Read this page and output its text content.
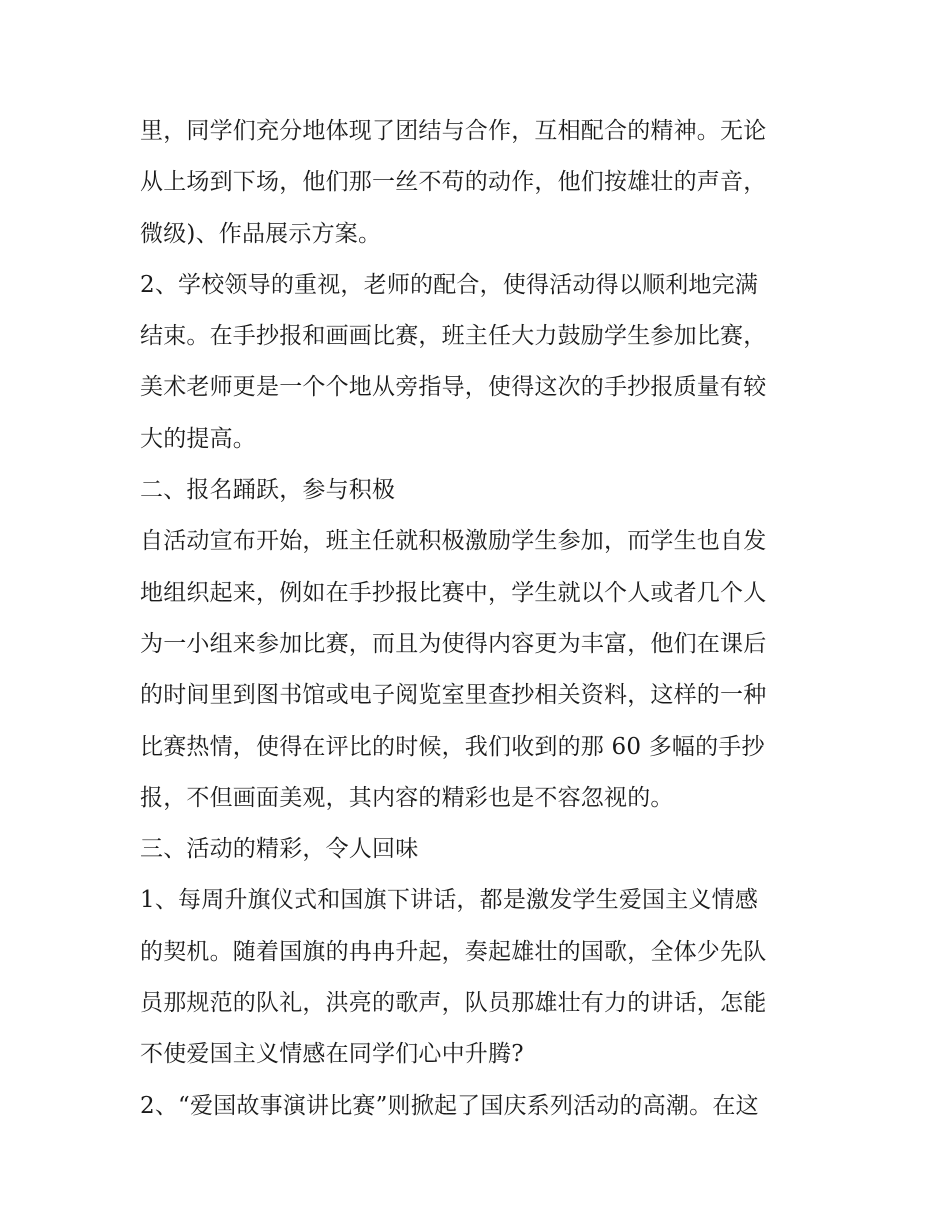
里，同学们充分地体现了团结与合作，互相配合的精神。无论
从上场到下场，他们那一丝不苟的动作，他们按雄壮的声音，
微级)、作品展示方案。
2、学校领导的重视，老师的配合，使得活动得以顺利地完满
结束。在手抄报和画画比赛，班主任大力鼓励学生参加比赛，
美术老师更是一个个地从旁指导，使得这次的手抄报质量有较
大的提高。
二、报名踊跃，参与积极
自活动宣布开始，班主任就积极激励学生参加，而学生也自发
地组织起来，例如在手抄报比赛中，学生就以个人或者几个人
为一小组来参加比赛，而且为使得内容更为丰富，他们在课后
的时间里到图书馆或电子阅览室里查抄相关资料，这样的一种
比赛热情，使得在评比的时候，我们收到的那 60 多幅的手抄
报，不但画面美观，其内容的精彩也是不容忽视的。
三、活动的精彩，令人回味
1、每周升旗仪式和国旗下讲话，都是激发学生爱国主义情感
的契机。随着国旗的冉冉升起，奏起雄壮的国歌，全体少先队
员那规范的队礼，洪亮的歌声，队员那雄壮有力的讲话，怎能
不使爱国主义情感在同学们心中升腾?
2、“爱国故事演讲比赛”则掀起了国庆系列活动的高潮。在这
